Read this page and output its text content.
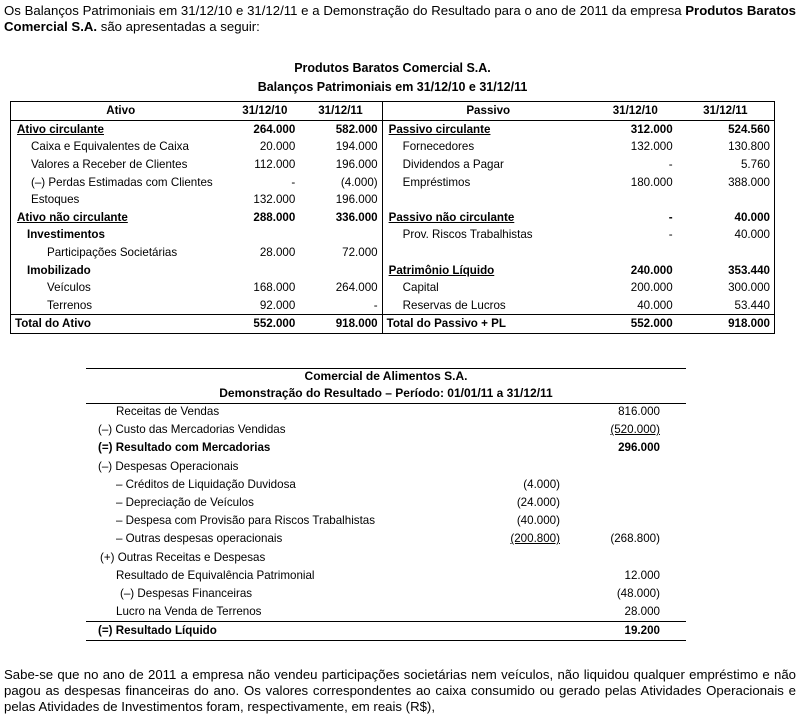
Os Balanços Patrimoniais em 31/12/10 e 31/12/11 e a Demonstração do Resultado para o ano de 2011 da empresa Produtos Baratos Comercial S.A. são apresentadas a seguir:
Produtos Baratos Comercial S.A.
Balanços Patrimoniais em 31/12/10 e 31/12/11
Ativo	31/12/10	31/12/11	Passivo	31/12/10	31/12/11
Ativo circulante	264.000	582.000	Passivo circulante	312.000	524.560
Caixa e Equivalentes de Caixa	20.000	194.000	Fornecedores	132.000	130.800
Valores a Receber de Clientes	112.000	196.000	Dividendos a Pagar	-	5.760
(–) Perdas Estimadas com Clientes	-	(4.000)	Empréstimos	180.000	388.000
Estoques	132.000	196.000			
Ativo não circulante	288.000	336.000	Passivo não circulante	-	40.000
Investimentos			Prov. Riscos Trabalhistas	-	40.000
Participações Societárias	28.000	72.000			
Imobilizado			Patrimônio Líquido	240.000	353.440
Veículos	168.000	264.000	Capital	200.000	300.000
Terrenos	92.000	-	Reservas de Lucros	40.000	53.440
Total do Ativo	552.000	918.000	Total do Passivo + PL	552.000	918.000
Comercial de Alimentos S.A.
Demonstração do Resultado – Período: 01/01/11 a 31/12/11
Receitas de Vendas		816.000
(–) Custo das Mercadorias Vendidas		(520.000)
(=) Resultado com Mercadorias		296.000
(–) Despesas Operacionais		
– Créditos de Liquidação Duvidosa	(4.000)	
– Depreciação de Veículos	(24.000)	
– Despesa com Provisão para Riscos Trabalhistas	(40.000)	
– Outras despesas operacionais	(200.800)	(268.800)
(+) Outras Receitas e Despesas		
Resultado de Equivalência Patrimonial		12.000
(–) Despesas Financeiras		(48.000)
Lucro na Venda de Terrenos		28.000
(=) Resultado Líquido		19.200
Sabe-se que no ano de 2011 a empresa não vendeu participações societárias nem veículos, não liquidou qualquer empréstimo e não pagou as despesas financeiras do ano. Os valores correspondentes ao caixa consumido ou gerado pelas Atividades Operacionais e pelas Atividades de Investimentos foram, respectivamente, em reais (R$),
